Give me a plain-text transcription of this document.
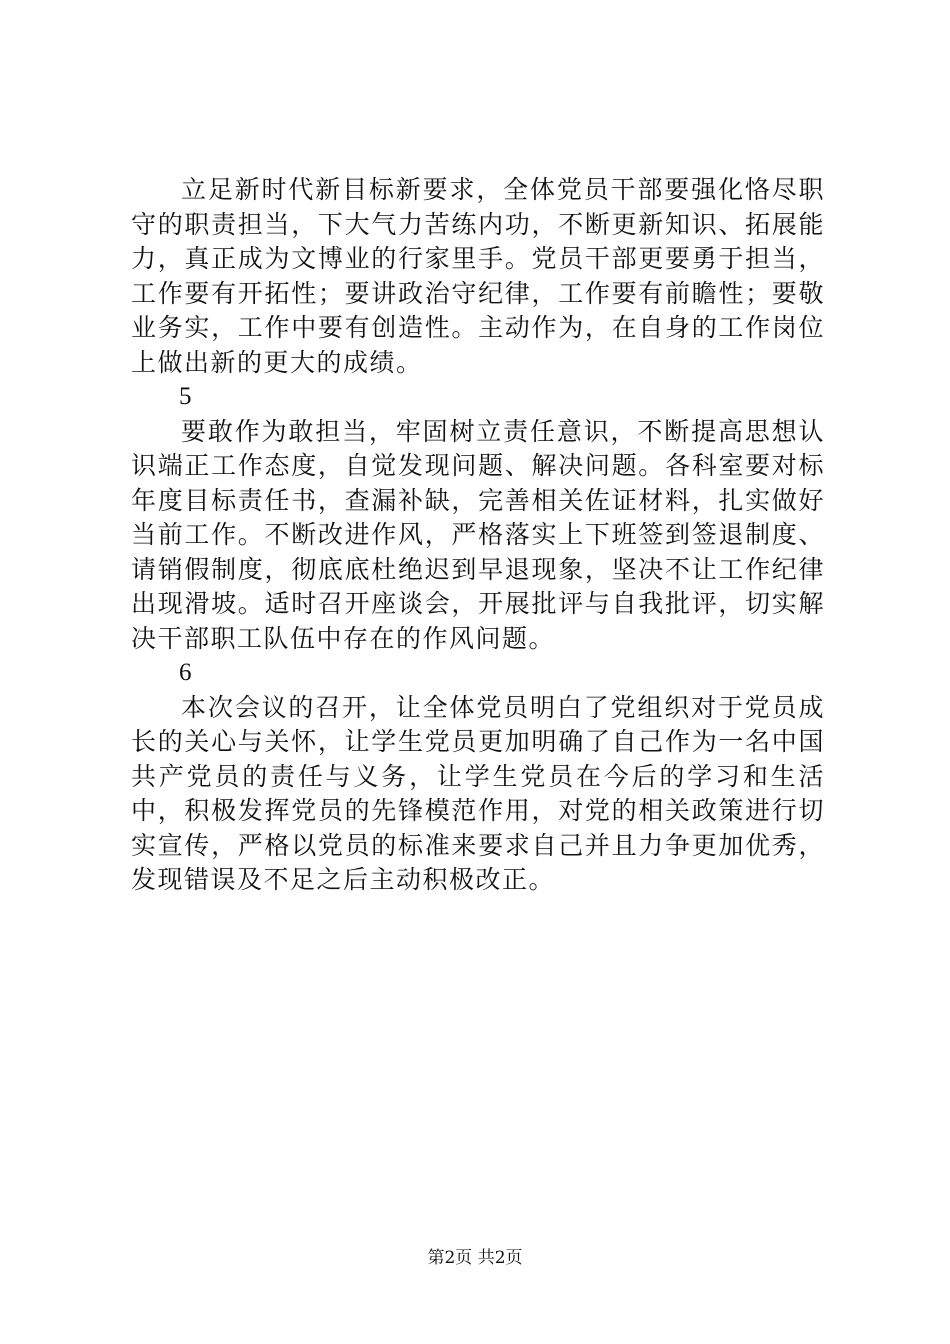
立足新时代新目标新要求，全体党员干部要强化恪尽职守的职责担当，下大气力苦练内功，不断更新知识、拓展能力，真正成为文博业的行家里手。党员干部更要勇于担当，工作要有开拓性；要讲政治守纪律，工作要有前瞻性；要敬业务实，工作中要有创造性。主动作为，在自身的工作岗位上做出新的更大的成绩。

5

要敢作为敢担当，牢固树立责任意识，不断提高思想认识端正工作态度，自觉发现问题、解决问题。各科室要对标年度目标责任书，查漏补缺，完善相关佐证材料，扎实做好当前工作。不断改进作风，严格落实上下班签到签退制度、请销假制度，彻底底杜绝迟到早退现象，坚决不让工作纪律出现滑坡。适时召开座谈会，开展批评与自我批评，切实解决干部职工队伍中存在的作风问题。

6

本次会议的召开，让全体党员明白了党组织对于党员成长的关心与关怀，让学生党员更加明确了自己作为一名中国共产党员的责任与义务，让学生党员在今后的学习和生活中，积极发挥党员的先锋模范作用，对党的相关政策进行切实宣传，严格以党员的标准来要求自己并且力争更加优秀，发现错误及不足之后主动积极改正。

第2页 共2页
